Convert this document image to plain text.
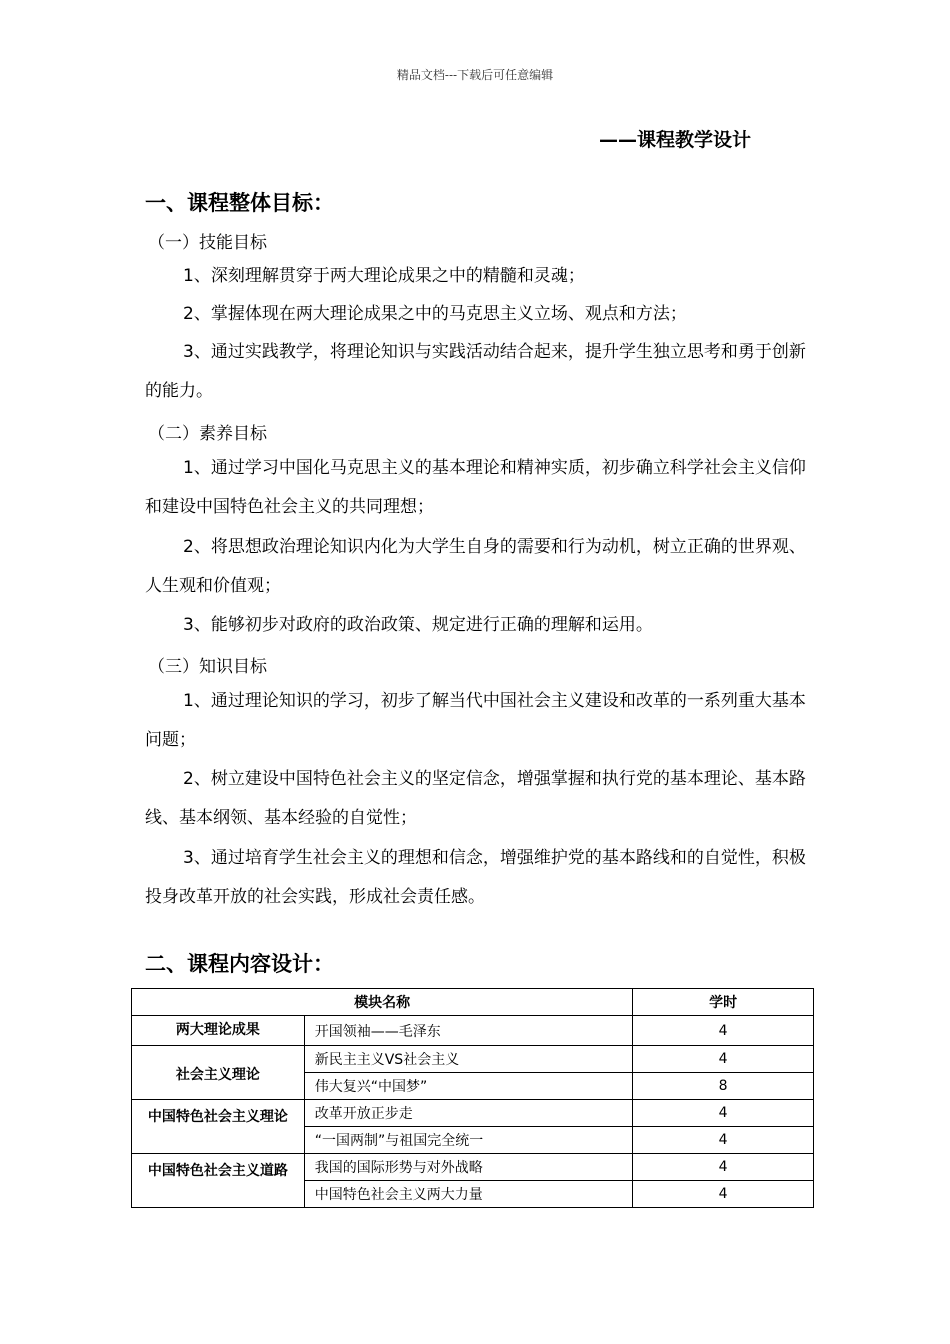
精品文档---下载后可任意编辑
——课程教学设计
一、课程整体目标：
（一）技能目标
1、深刻理解贯穿于两大理论成果之中的精髓和灵魂；
2、掌握体现在两大理论成果之中的马克思主义立场、观点和方法；
3、通过实践教学，将理论知识与实践活动结合起来，提升学生独立思考和勇于创新的能力。
（二）素养目标
1、通过学习中国化马克思主义的基本理论和精神实质，初步确立科学社会主义信仰和建设中国特色社会主义的共同理想；
2、将思想政治理论知识内化为大学生自身的需要和行为动机，树立正确的世界观、人生观和价值观；
3、能够初步对政府的政治政策、规定进行正确的理解和运用。
（三）知识目标
1、通过理论知识的学习，初步了解当代中国社会主义建设和改革的一系列重大基本问题；
2、树立建设中国特色社会主义的坚定信念，增强掌握和执行党的基本理论、基本路线、基本纲领、基本经验的自觉性；
3、通过培育学生社会主义的理想和信念，增强维护党的基本路线和的自觉性，积极投身改革开放的社会实践，形成社会责任感。
二、课程内容设计：
模块名称		学时
两大理论成果	开国领袖——毛泽东	4
社会主义理论	新民主主义VS社会主义	4
	伟大复兴“中国梦”	8

中国特色社会主义理论	改革开放正步走	4
	“一国两制”与祖国完全统一	4

中国特色社会主义道路	我国的国际形势与对外战略	4
	中国特色社会主义两大力量	4
